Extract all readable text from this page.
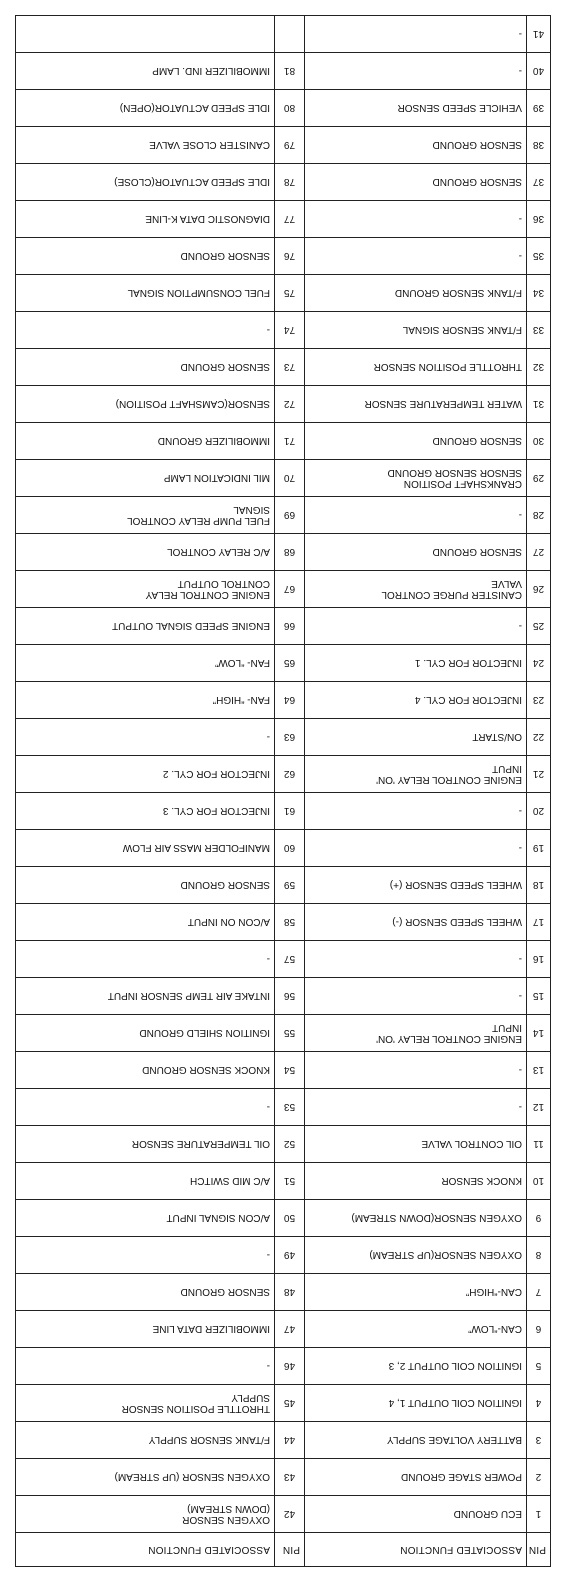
PIN	ASSOCIATED FUNCTION	PIN	ASSOCIATED FUNCTION
1	ECU GROUND	42	OXYGEN SENSOR
(DOWN STREAM)
2	POWER STAGE GROUND	43	OXYGEN SENSOR (UP STREAM)
3	BATTERY VOLTAGE SUPPLY	44	F/TANK SENSOR SUPPLY
4	IGNITION COIL OUTPUT 1, 4	45	THROTTLE POSITION SENSOR
SUPPLY
5	IGNITION COIL OUTPUT 2, 3	46	-
6	CAN-“LOW”	47	IMMOBILIZER DATA LINE
7	CAN-“HIGH”	48	SENSOR GROUND
8	OXYGEN SENSOR(UP STREAM)	49	-
9	OXYGEN SENSOR(DOWN STREAM)	50	A/CON SIGNAL INPUT
10	KNOCK SENSOR	51	A/C MID SWITCH
11	OIL CONTROL VALVE	52	OIL TEMPERATURE SENSOR
12	-	53	-
13	-	54	KNOCK SENSOR GROUND
14	ENGINE CONTROL RELAY 'ON'
INPUT	55	IGNITION SHIELD GROUND
15	-	56	INTAKE AIR TEMP SENSOR INPUT
16	-	57	-
17	WHEEL SPEED SENSOR (-)	58	A/CON ON INPUT
18	WHEEL SPEED SENSOR (+)	59	SENSOR GROUND
19	-	60	MANIFOLDER MASS AIR FLOW
20	-	61	INJECTOR FOR CYL. 3
21	ENGINE CONTROL RELAY 'ON'
INPUT	62	INJECTOR FOR CYL. 2
22	ON/START	63	-
23	INJECTOR FOR CYL. 4	64	FAN- “HIGH”
24	INJECTOR FOR CYL. 1	65	FAN- “LOW”
25	-	66	ENGINE SPEED SIGNAL OUTPUT
26	CANISTER PURGE CONTROL
VALVE	67	ENGINE CONTROL RELAY
CONTROL OUTPUT
27	SENSOR GROUND	68	A/C RELAY CONTROL
28	-	69	FUEL PUMP RELAY CONTROL
SIGNAL
29	CRANKSHAFT POSITION
SENSOR SENSOR GROUND	70	MIL INDICATION LAMP
30	SENSOR GROUND	71	IMMOBILIZER GROUND
31	WATER TEMPERATURE SENSOR	72	SENSOR(CAMSHAFT POSITION)
32	THROTTLE POSITION SENSOR	73	SENSOR GROUND
33	F/TANK SENSOR SIGNAL	74	-
34	F/TANK SENSOR GROUND	75	FUEL CONSUMPTION SIGNAL
35	-	76	SENSOR GROUND
36	-	77	DIAGNOSTIC DATA K-LINE
37	SENSOR GROUND	78	IDLE SPEED ACTUATOR(CLOSE)
38	SENSOR GROUND	79	CANISTER CLOSE VALVE
39	VEHICLE SPEED SENSOR	80	IDLE SPEED ACTUATOR(OPEN)
40	-	81	IMMOBILIZER IND. LAMP
41	-		
